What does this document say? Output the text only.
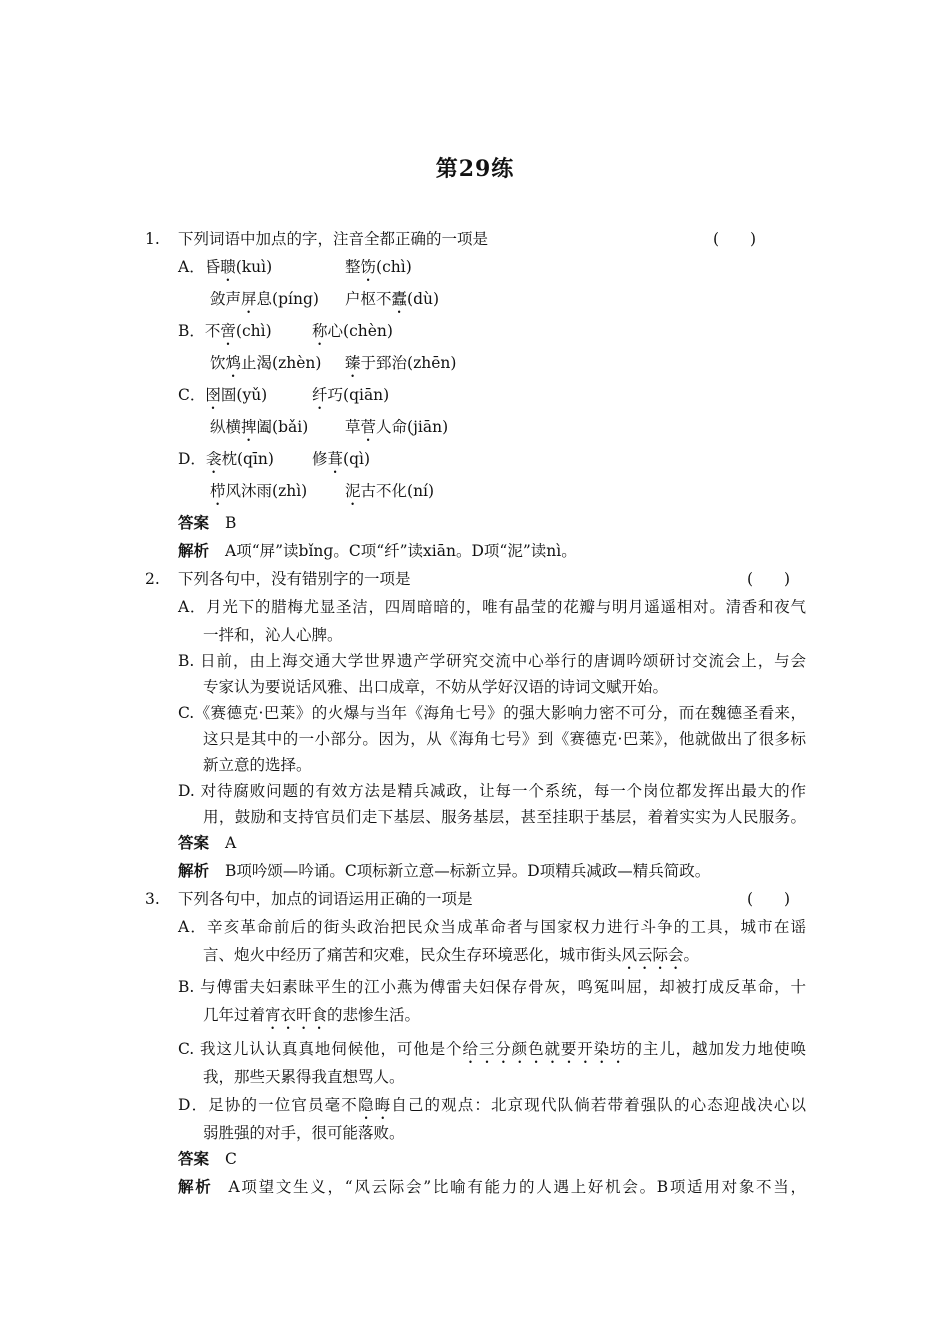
第29练
1. 下列词语中加点的字，注音全都正确的一项是	(　　)
A．昏聩(kuì)	整饬(chì)
敛声屏息(píng) 户枢不蠹(dù)
B．不啻(chì)	称心(chèn)
饮鸩止渴(zhèn) 臻于郅治(zhēn)
C．囹圄(yǔ)	纤巧(qiān)
纵横捭阖(bǎi) 草菅人命(jiān)
D．衾枕(qīn) 修葺(qì)
栉风沐雨(zhì) 泥古不化(ní)
答案 B
解析 A项“屏”读bǐnɡ。C项“纤”读xiān。D项“泥”读nì。
2. 下列各句中，没有错别字的一项是	(　　)
A．月光下的腊梅尤显圣洁，四周暗暗的，唯有晶莹的花瓣与明月遥遥相对。清香和夜气
一拌和，沁人心脾。
B. 日前，由上海交通大学世界遗产学研究交流中心举行的唐调吟颂研讨交流会上，与会
专家认为要说话风雅、出口成章，不妨从学好汉语的诗词文赋开始。
C.《赛德克·巴莱》的火爆与当年《海角七号》的强大影响力密不可分，而在魏德圣看来，
这只是其中的一小部分。因为，从《海角七号》到《赛德克·巴莱》，他就做出了很多标
新立意的选择。
D. 对待腐败问题的有效方法是精兵减政，让每一个系统，每一个岗位都发挥出最大的作
用，鼓励和支持官员们走下基层、服务基层，甚至挂职于基层，着着实实为人民服务。
答案 A
解析 B项吟颂—吟诵。C项标新立意—标新立异。D项精兵减政—精兵简政。
3. 下列各句中，加点的词语运用正确的一项是	(　　)
A．辛亥革命前后的街头政治把民众当成革命者与国家权力进行斗争的工具，城市在谣
言、炮火中经历了痛苦和灾难，民众生存环境恶化，城市街头风云际会。
B. 与傅雷夫妇素昧平生的江小燕为傅雷夫妇保存骨灰，鸣冤叫屈，却被打成反革命，十
几年过着宵衣旰食的悲惨生活。
C. 我这儿认认真真地伺候他，可他是个给三分颜色就要开染坊的主儿，越加发力地使唤
我，那些天累得我直想骂人。
D．足协的一位官员毫不隐晦自己的观点：北京现代队倘若带着强队的心态迎战决心以
弱胜强的对手，很可能落败。
答案 C
解析 A项望文生义，“风云际会”比喻有能力的人遇上好机会。B项适用对象不当，
